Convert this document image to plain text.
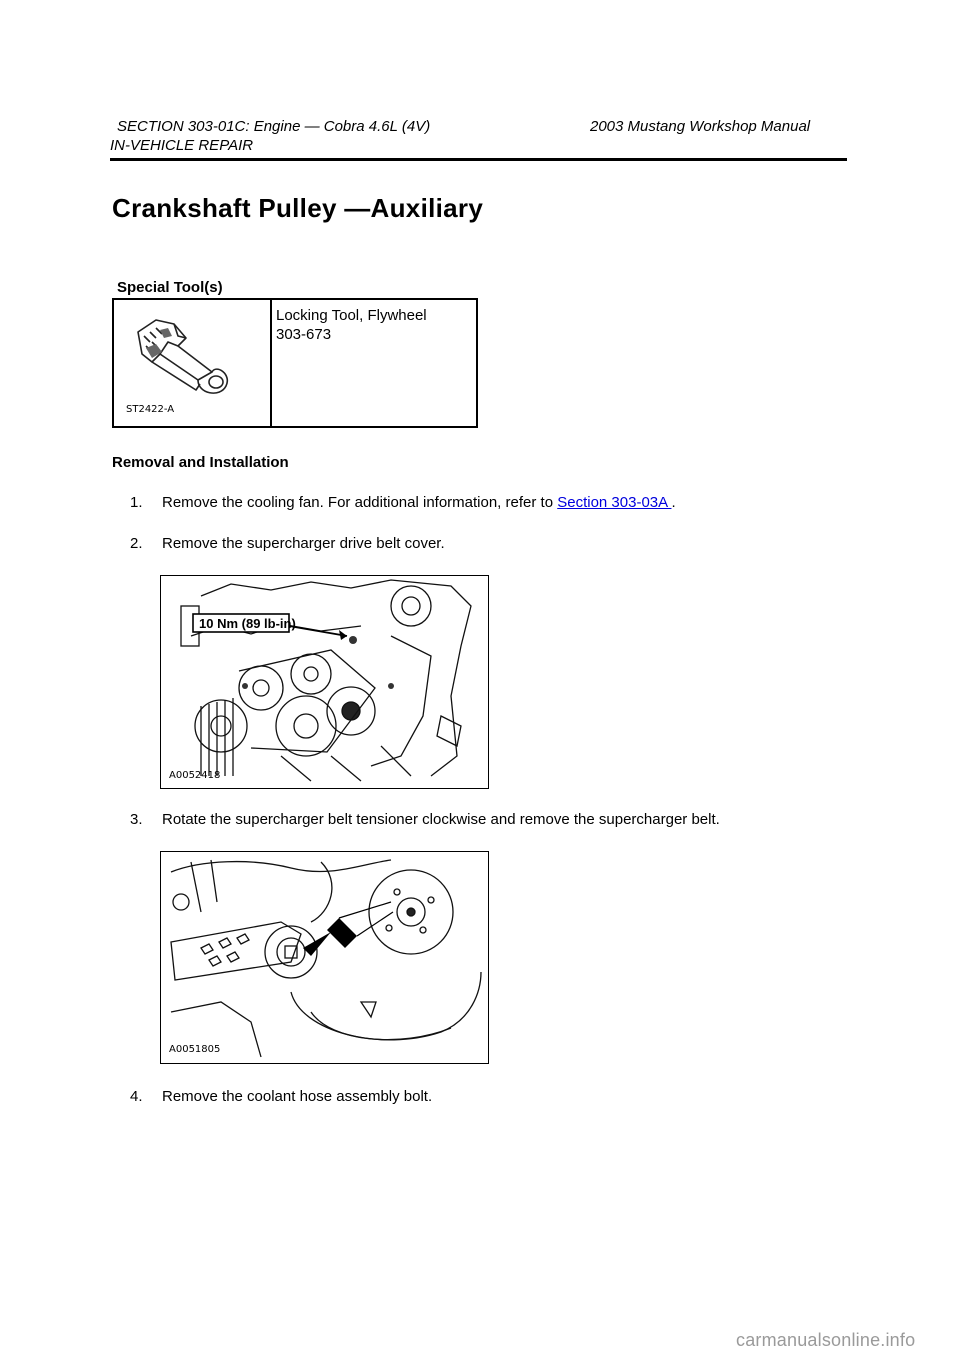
SECTION 303-01C: Engine — Cobra 4.6L (4V)	2003 Mustang Workshop Manual
IN-VEHICLE REPAIR
Crankshaft Pulley —Auxiliary
Special Tool(s)
ST2422-A
Locking Tool, Flywheel
303-673
Removal and Installation
1. Remove the cooling fan. For additional information, refer to Section 303-03A .
2. Remove the supercharger drive belt cover.
10 Nm (89 lb-in)
A0052418
3. Rotate the supercharger belt tensioner clockwise and remove the supercharger belt.
A0051805
4. Remove the coolant hose assembly bolt.
carmanualsonline.info
